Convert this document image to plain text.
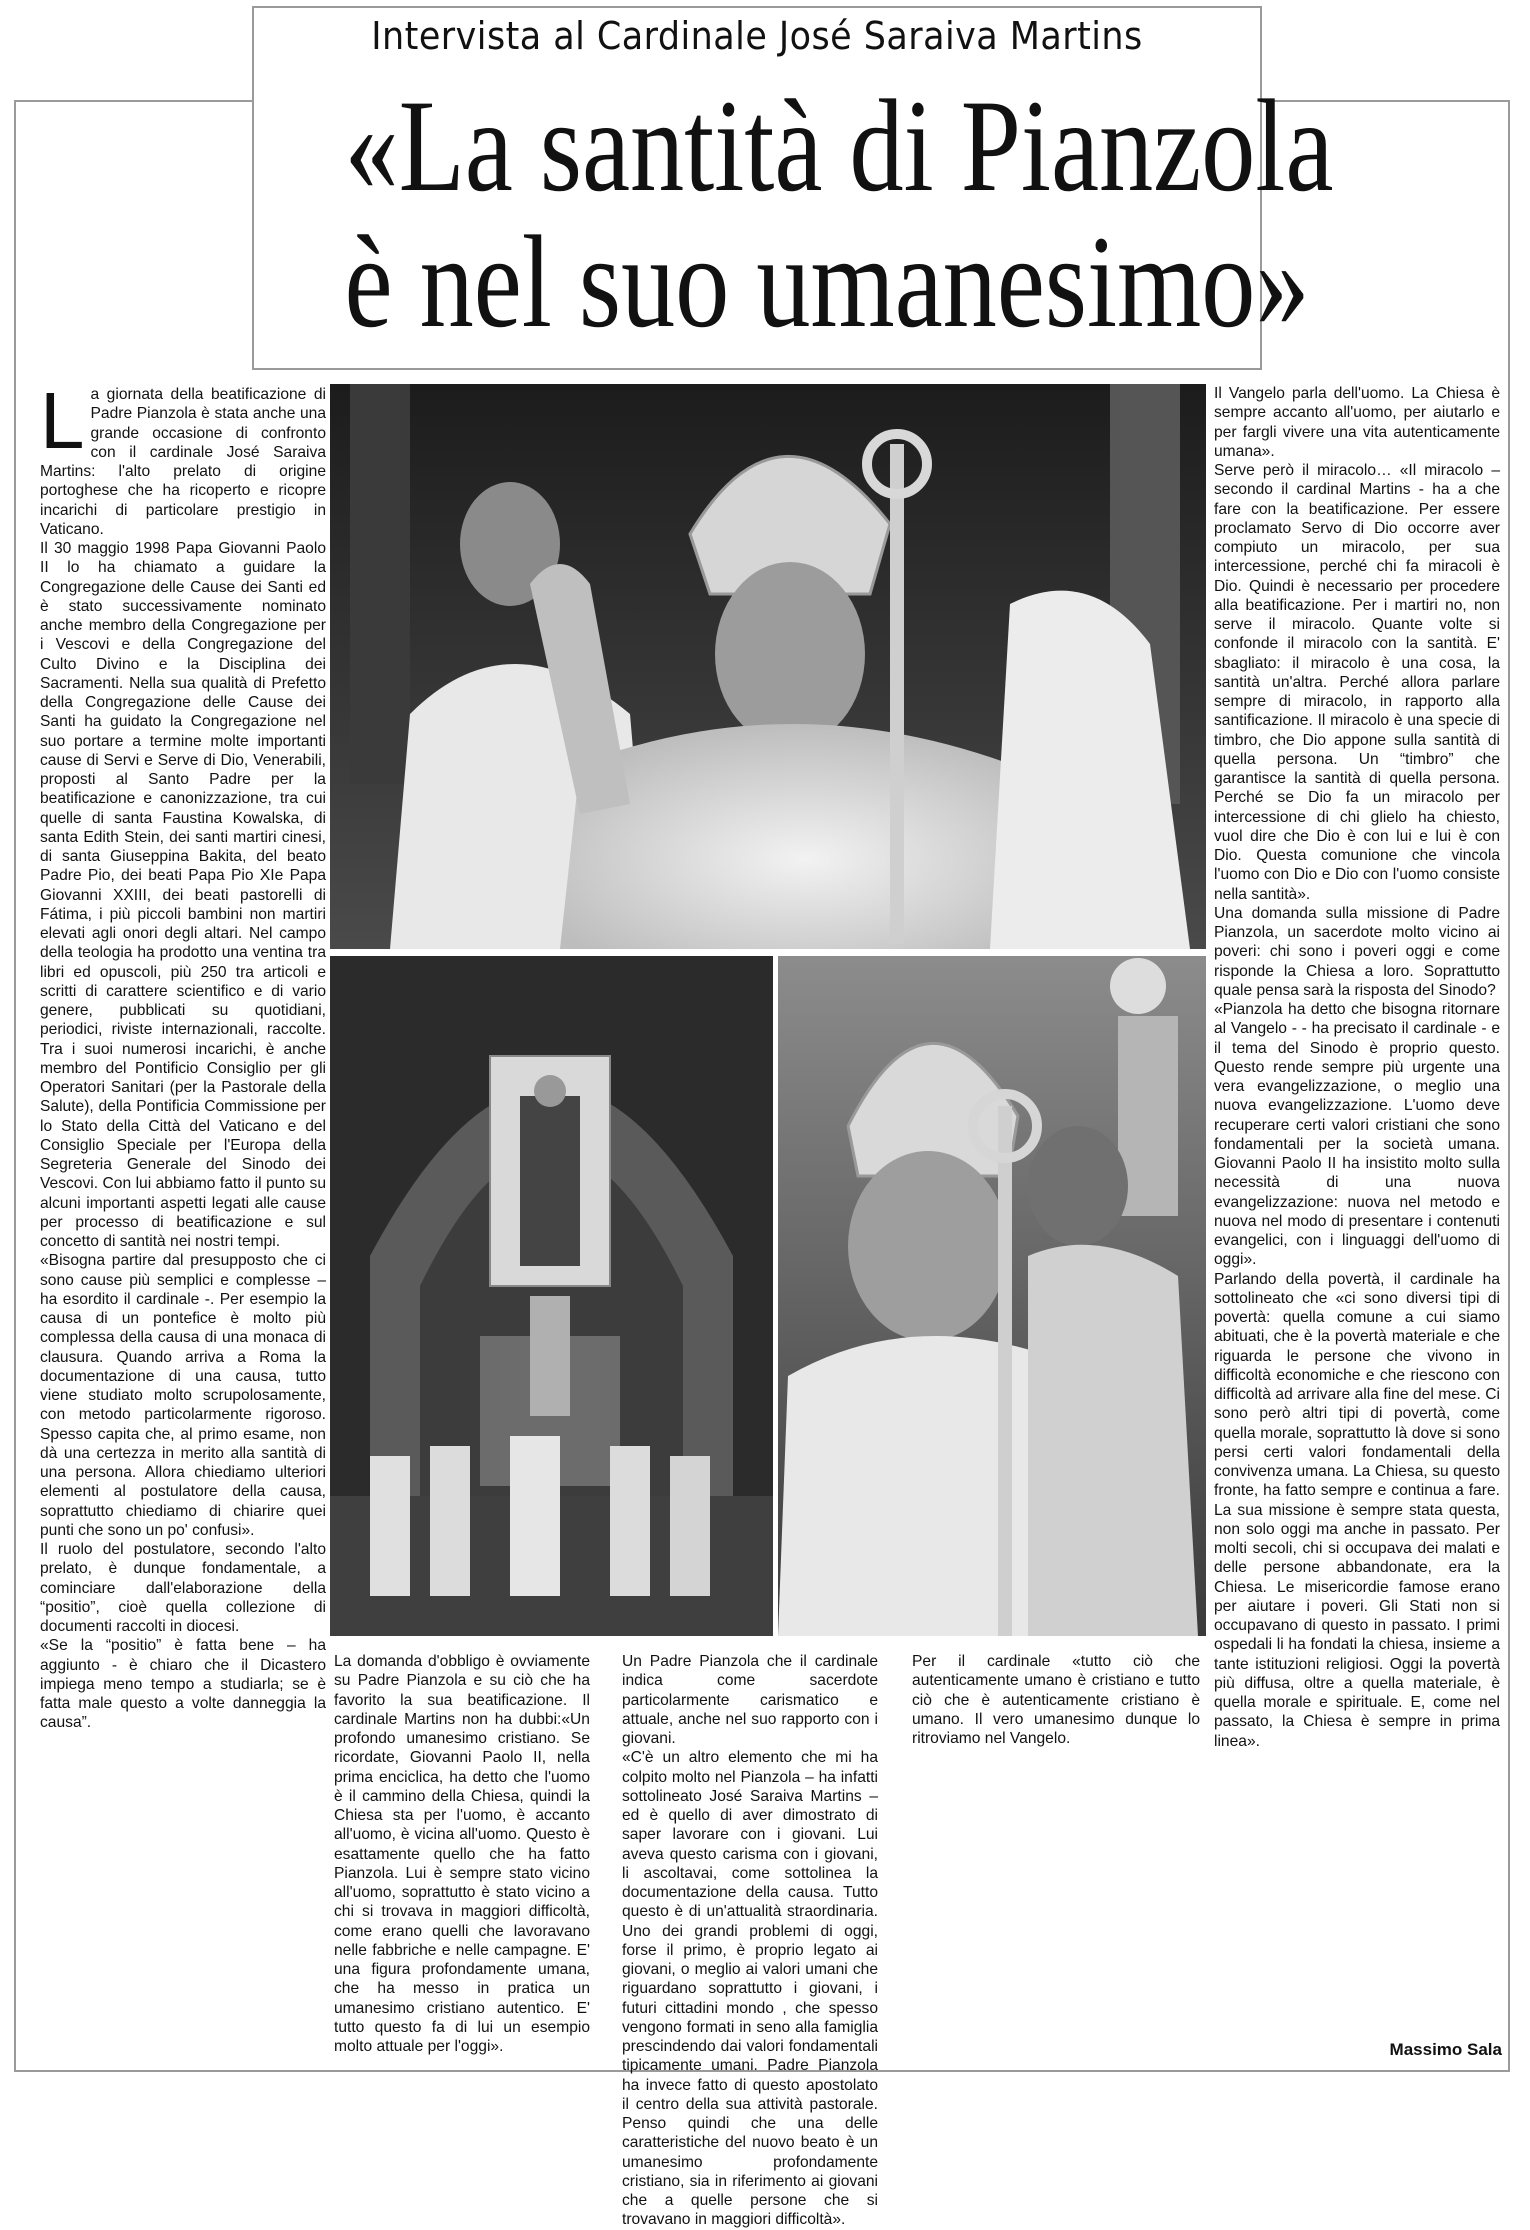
Intervista al Cardinale José Saraiva Martins
«La santità di Pianzola
è nel suo umanesimo»

La giornata della beatificazione di Padre Pianzola è stata anche una grande occasione di confronto con il cardinale José Saraiva Martins: l'alto prelato di origine portoghese che ha ricoperto e ricopre incarichi di particolare prestigio in Vaticano.

Il 30 maggio 1998 Papa Giovanni Paolo II lo ha chiamato a guidare la Congregazione delle Cause dei Santi ed è stato successivamente nominato anche membro della Congregazione per i Vescovi e della Congregazione del Culto Divino e la Disciplina dei Sacramenti. Nella sua qualità di Prefetto della Congregazione delle Cause dei Santi ha guidato la Congregazione nel suo portare a termine molte importanti cause di Servi e Serve di Dio, Venerabili, proposti al Santo Padre per la beatificazione e canonizzazione, tra cui quelle di santa Faustina Kowalska, di santa Edith Stein, dei santi martiri cinesi, di santa Giuseppina Bakita, del beato Padre Pio, dei beati Papa Pio XIe Papa Giovanni XXIII, dei beati pastorelli di Fátima, i più piccoli bambini non martiri elevati agli onori degli altari. Nel campo della teologia ha prodotto una ventina tra libri ed opuscoli, più 250 tra articoli e scritti di carattere scientifico e di vario genere, pubblicati su quotidiani, periodici, riviste internazionali, raccolte. Tra i suoi numerosi incarichi, è anche membro del Pontificio Consiglio per gli Operatori Sanitari (per la Pastorale della Salute), della Pontificia Commissione per lo Stato della Città del Vaticano e del Consiglio Speciale per l'Europa della Segreteria Generale del Sinodo dei Vescovi. Con lui abbiamo fatto il punto su alcuni importanti aspetti legati alle cause per processo di beatificazione e sul concetto di santità nei nostri tempi.

«Bisogna partire dal presupposto che ci sono cause più semplici e complesse – ha esordito il cardinale -. Per esempio la causa di un pontefice è molto più complessa della causa di una monaca di clausura. Quando arriva a Roma la documentazione di una causa, tutto viene studiato molto scrupolosamente, con metodo particolarmente rigoroso. Spesso capita che, al primo esame, non dà una certezza in merito alla santità di una persona. Allora chiediamo ulteriori elementi al postulatore della causa, soprattutto chiediamo di chiarire quei punti che sono un po' confusi».

Il ruolo del postulatore, secondo l'alto prelato, è dunque fondamentale, a cominciare dall'elaborazione della “positio”, cioè quella collezione di documenti raccolti in diocesi.

«Se la “positio” è fatta bene – ha aggiunto - è chiaro che il Dicastero impiega meno tempo a studiarla; se è fatta male questo a volte danneggia la causa”.

La domanda d'obbligo è ovviamente su Padre Pianzola e su ciò che ha favorito la sua beatificazione. Il cardinale Martins non ha dubbi:«Un profondo umanesimo cristiano. Se ricordate, Giovanni Paolo II, nella prima enciclica, ha detto che l'uomo è il cammino della Chiesa, quindi la Chiesa sta per l'uomo, è accanto all'uomo, è vicina all'uomo. Questo è esattamente quello che ha fatto Pianzola. Lui è sempre stato vicino all'uomo, soprattutto è stato vicino a chi si trovava in maggiori difficoltà, come erano quelli che lavoravano nelle fabbriche e nelle campagne. E' una figura profondamente umana, che ha messo in pratica un umanesimo cristiano autentico. E' tutto questo fa di lui un esempio molto attuale per l'oggi».

Un Padre Pianzola che il cardinale indica come sacerdote particolarmente carismatico e attuale, anche nel suo rapporto con i giovani.

«C'è un altro elemento che mi ha colpito molto nel Pianzola – ha infatti sottolineato José Saraiva Martins – ed è quello di aver dimostrato di saper lavorare con i giovani. Lui aveva questo carisma con i giovani, li ascoltavai, come sottolinea la documentazione della causa. Tutto questo è di un'attualità straordinaria. Uno dei grandi problemi di oggi, forse il primo, è proprio legato ai giovani, o meglio ai valori umani che riguardano soprattutto i giovani, i futuri cittadini mondo , che spesso vengono formati in seno alla famiglia prescindendo dai valori fondamentali tipicamente umani. Padre Pianzola ha invece fatto di questo apostolato il centro della sua attività pastorale. Penso quindi che una delle caratteristiche del nuovo beato è un umanesimo profondamente cristiano, sia in riferimento ai giovani che a quelle persone che si trovavano in maggiori difficoltà».

Per il cardinale «tutto ciò che autenticamente umano è cristiano e tutto ciò che è autenticamente cristiano è umano. Il vero umanesimo dunque lo ritroviamo nel Vangelo.

Il Vangelo parla dell'uomo. La Chiesa è sempre accanto all'uomo, per aiutarlo e per fargli vivere una vita autenticamente umana».

Serve però il miracolo… «Il miracolo – secondo il cardinal Martins - ha a che fare con la beatificazione. Per essere proclamato Servo di Dio occorre aver compiuto un miracolo, per sua intercessione, perché chi fa miracoli è Dio. Quindi è necessario per procedere alla beatificazione. Per i martiri no, non serve il miracolo. Quante volte si confonde il miracolo con la santità. E' sbagliato: il miracolo è una cosa, la santità un'altra. Perché allora parlare sempre di miracolo, in rapporto alla santificazione. Il miracolo è una specie di timbro, che Dio appone sulla santità di quella persona. Un “timbro” che garantisce la santità di quella persona. Perché se Dio fa un miracolo per intercessione di chi glielo ha chiesto, vuol dire che Dio è con lui e lui è con Dio. Questa comunione che vincola l'uomo con Dio e Dio con l'uomo consiste nella santità».

Una domanda sulla missione di Padre Pianzola, un sacerdote molto vicino ai poveri: chi sono i poveri oggi e come risponde la Chiesa a loro. Soprattutto quale pensa sarà la risposta del Sinodo?

«Pianzola ha detto che bisogna ritornare al Vangelo - - ha precisato il cardinale - e il tema del Sinodo è proprio questo. Questo rende sempre più urgente una vera evangelizzazione, o meglio una nuova evangelizzazione. L'uomo deve recuperare certi valori cristiani che sono fondamentali per la società umana. Giovanni Paolo II ha insistito molto sulla necessità di una nuova evangelizzazione: nuova nel metodo e nuova nel modo di presentare i contenuti evangelici, con i linguaggi dell'uomo di oggi».

Parlando della povertà, il cardinale ha sottolineato che «ci sono diversi tipi di povertà: quella comune a cui siamo abituati, che è la povertà materiale e che riguarda le persone che vivono in difficoltà economiche e che riescono con difficoltà ad arrivare alla fine del mese. Ci sono però altri tipi di povertà, come quella morale, soprattutto là dove si sono persi certi valori fondamentali della convivenza umana. La Chiesa, su questo fronte, ha fatto sempre e continua a fare. La sua missione è sempre stata questa, non solo oggi ma anche in passato. Per molti secoli, chi si occupava dei malati e delle persone abbandonate, era la Chiesa. Le misericordie famose erano per aiutare i poveri. Gli Stati non si occupavano di questo in passato. I primi ospedali li ha fondati la chiesa, insieme a tante istituzioni religiosi. Oggi la povertà più diffusa, oltre a quella materiale, è quella morale e spirituale. E, come nel passato, la Chiesa è sempre in prima linea».

Massimo Sala
